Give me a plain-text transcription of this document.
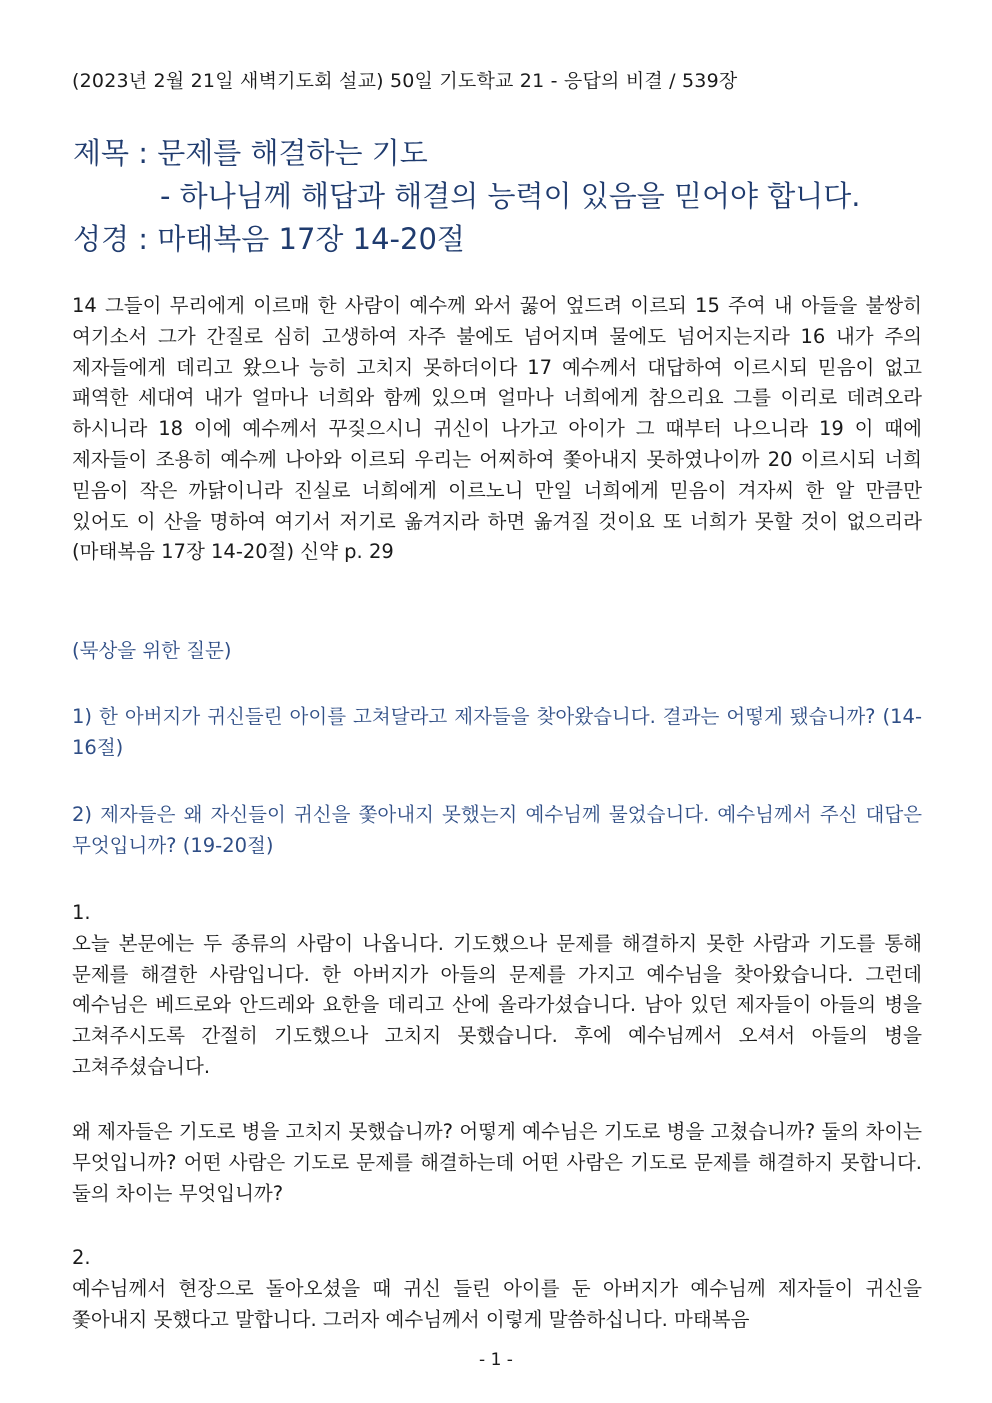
(2023년 2월 21일 새벽기도회 설교) 50일 기도학교 21 - 응답의 비결 / 539장
제목 : 문제를 해결하는 기도
- 하나님께 해답과 해결의 능력이 있음을 믿어야 합니다.
성경 : 마태복음 17장 14-20절
14 그들이 무리에게 이르매 한 사람이 예수께 와서 꿇어 엎드려 이르되 15 주여 내 아들을 불쌍히 여기소서 그가 간질로 심히 고생하여 자주 불에도 넘어지며 물에도 넘어지는지라 16 내가 주의 제자들에게 데리고 왔으나 능히 고치지 못하더이다 17 예수께서 대답하여 이르시되 믿음이 없고 패역한 세대여 내가 얼마나 너희와 함께 있으며 얼마나 너희에게 참으리요 그를 이리로 데려오라 하시니라 18 이에 예수께서 꾸짖으시니 귀신이 나가고 아이가 그 때부터 나으니라 19 이 때에 제자들이 조용히 예수께 나아와 이르되 우리는 어찌하여 쫓아내지 못하였나이까 20 이르시되 너희 믿음이 작은 까닭이니라 진실로 너희에게 이르노니 만일 너희에게 믿음이 겨자씨 한 알 만큼만 있어도 이 산을 명하여 여기서 저기로 옮겨지라 하면 옮겨질 것이요 또 너희가 못할 것이 없으리라 (마태복음 17장 14-20절) 신약 p. 29
(묵상을 위한 질문)
1) 한 아버지가 귀신들린 아이를 고쳐달라고 제자들을 찾아왔습니다. 결과는 어떻게 됐습니까? (14-16절)
2) 제자들은 왜 자신들이 귀신을 쫓아내지 못했는지 예수님께 물었습니다. 예수님께서 주신 대답은 무엇입니까? (19-20절)
1.
오늘 본문에는 두 종류의 사람이 나옵니다. 기도했으나 문제를 해결하지 못한 사람과 기도를 통해 문제를 해결한 사람입니다. 한 아버지가 아들의 문제를 가지고 예수님을 찾아왔습니다. 그런데 예수님은 베드로와 안드레와 요한을 데리고 산에 올라가셨습니다. 남아 있던 제자들이 아들의 병을 고쳐주시도록 간절히 기도했으나 고치지 못했습니다. 후에 예수님께서 오셔서 아들의 병을 고쳐주셨습니다.
왜 제자들은 기도로 병을 고치지 못했습니까? 어떻게 예수님은 기도로 병을 고쳤습니까? 둘의 차이는 무엇입니까? 어떤 사람은 기도로 문제를 해결하는데 어떤 사람은 기도로 문제를 해결하지 못합니다. 둘의 차이는 무엇입니까?
2.
예수님께서 현장으로 돌아오셨을 때 귀신 들린 아이를 둔 아버지가 예수님께 제자들이 귀신을 쫓아내지 못했다고 말합니다. 그러자 예수님께서 이렇게 말씀하십니다. 마태복음
- 1 -
